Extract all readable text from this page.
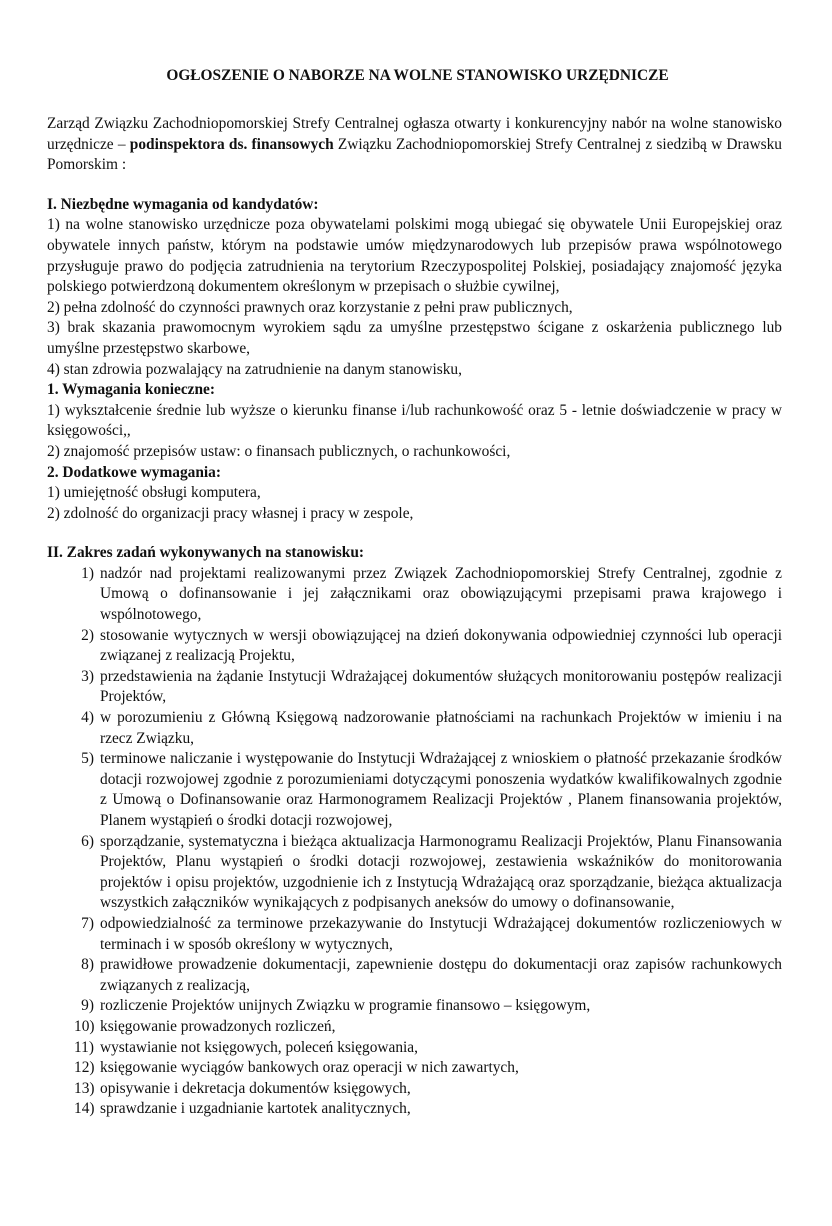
OGŁOSZENIE O NABORZE NA WOLNE STANOWISKO URZĘDNICZE

Zarząd Związku Zachodniopomorskiej Strefy Centralnej ogłasza otwarty i konkurencyjny nabór na wolne stanowisko urzędnicze – podinspektora ds. finansowych Związku Zachodniopomorskiej Strefy Centralnej z siedzibą w Drawsku Pomorskim :

I. Niezbędne wymagania od kandydatów:

1) na wolne stanowisko urzędnicze poza obywatelami polskimi mogą ubiegać się obywatele Unii Europejskiej oraz obywatele innych państw, którym na podstawie umów międzynarodowych lub przepisów prawa wspólnotowego przysługuje prawo do podjęcia zatrudnienia na terytorium Rzeczypospolitej Polskiej, posiadający znajomość języka polskiego potwierdzoną dokumentem określonym w przepisach o służbie cywilnej,

2) pełna zdolność do czynności prawnych oraz korzystanie z pełni praw publicznych,

3) brak skazania prawomocnym wyrokiem sądu za umyślne przestępstwo ścigane z oskarżenia publicznego lub umyślne przestępstwo skarbowe,

4) stan zdrowia pozwalający na zatrudnienie na danym stanowisku,

1. Wymagania konieczne:

1) wykształcenie średnie lub wyższe o kierunku finanse i/lub rachunkowość oraz 5 - letnie doświadczenie w pracy w księgowości,,

2) znajomość przepisów ustaw: o finansach publicznych, o rachunkowości,

2. Dodatkowe wymagania:

1) umiejętność obsługi komputera,

2) zdolność do organizacji pracy własnej i pracy w zespole,

II. Zakres zadań wykonywanych na stanowisku:

1) nadzór nad projektami realizowanymi przez Związek Zachodniopomorskiej Strefy Centralnej, zgodnie z Umową o dofinansowanie i jej załącznikami oraz obowiązującymi przepisami prawa krajowego i wspólnotowego,
2) stosowanie wytycznych w wersji obowiązującej na dzień dokonywania odpowiedniej czynności lub operacji związanej z realizacją Projektu,
3) przedstawienia na żądanie Instytucji Wdrażającej dokumentów służących monitorowaniu postępów realizacji Projektów,
4) w porozumieniu z Główną Księgową nadzorowanie płatnościami na rachunkach Projektów w imieniu i na rzecz Związku,
5) terminowe naliczanie i występowanie do Instytucji Wdrażającej z wnioskiem o płatność przekazanie środków dotacji rozwojowej zgodnie z porozumieniami dotyczącymi ponoszenia wydatków kwalifikowalnych zgodnie z Umową o Dofinansowanie oraz Harmonogramem Realizacji Projektów , Planem finansowania projektów, Planem wystąpień o środki dotacji rozwojowej,
6) sporządzanie, systematyczna i bieżąca aktualizacja Harmonogramu Realizacji Projektów, Planu Finansowania Projektów, Planu wystąpień o środki dotacji rozwojowej, zestawienia wskaźników do monitorowania projektów i opisu projektów, uzgodnienie ich z Instytucją Wdrażającą oraz sporządzanie, bieżąca aktualizacja wszystkich załączników wynikających z podpisanych aneksów do umowy o dofinansowanie,
7) odpowiedzialność za terminowe przekazywanie do Instytucji Wdrażającej dokumentów rozliczeniowych w terminach i w sposób określony w wytycznych,
8) prawidłowe prowadzenie dokumentacji, zapewnienie dostępu do dokumentacji oraz zapisów rachunkowych związanych z realizacją,
9) rozliczenie Projektów unijnych Związku w programie finansowo – księgowym,
10) księgowanie prowadzonych rozliczeń,
11) wystawianie not księgowych, poleceń księgowania,
12) księgowanie wyciągów bankowych oraz operacji w nich zawartych,
13) opisywanie i dekretacja dokumentów księgowych,
14) sprawdzanie i uzgadnianie kartotek analitycznych,
